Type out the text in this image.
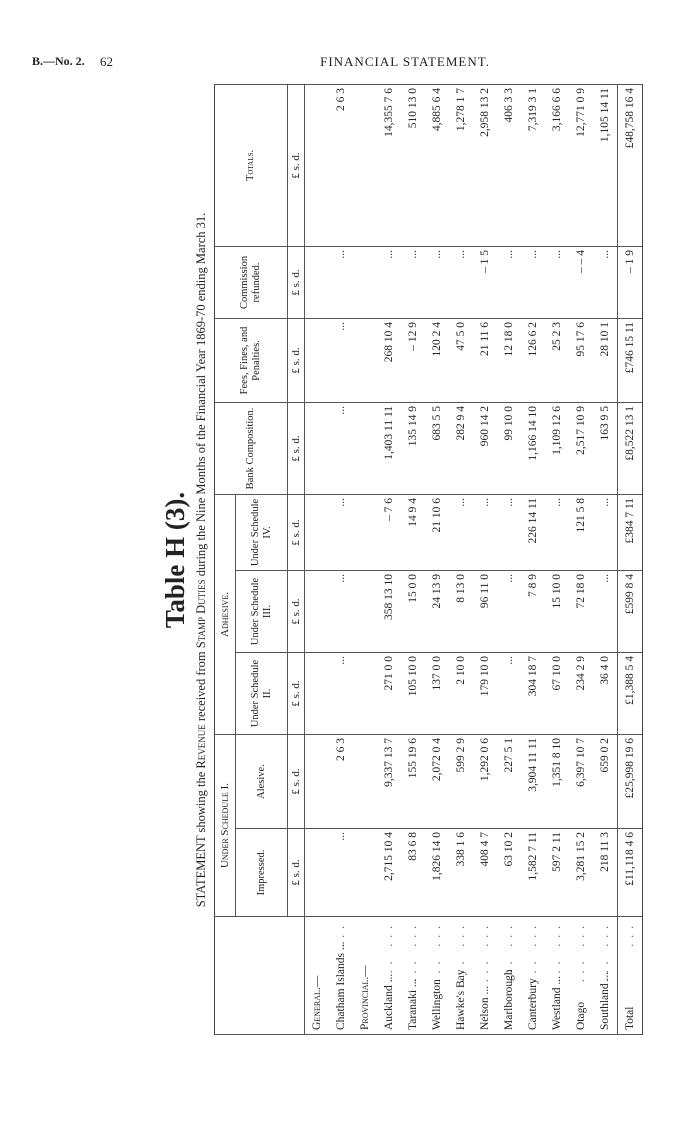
B.—No. 2. 62	FINANCIAL STATEMENT.
Table H (3).
STATEMENT showing the Revenue received from Stamp Duties during the Nine Months of the Financial Year 1869-70 ending March 31.
	Under Schedule I.		Adhesive.			Bank Composition.	Fees, Fines, and Penalties.	Commission refunded.	Totals.
	Impressed.	Alesive.	Under Schedule II.	Under Schedule III.	Under Schedule IV.				
	£ s. d.	£ s. d.	£ s. d.	£ s. d.	£ s. d.	£ s. d.	£ s. d.	£ s. d.	£ s. d.
General.—									

...
Chatham Islands ...	...	2 6 3	...	...	...	...	...	...	2 6 3
Provincial.—									

... ...
Auckland ...	2,715 10 4	9,337 13 7	271 0 0	358 13 10	– 7 6	1,403 11 11	268 10 4	...	14,355 7 6

... ...
Taranaki ...	83 6 8	155 19 6	105 10 0	15 0 0	14 9 4	135 14 9	– 12 9	...	510 13 0

... ...
Wellington	1,826 14 0	2,072 0 4	137 0 0	24 13 9	21 10 6	683 5 5	120 2 4	...	4,885 6 4

... ...
Hawke's Bay	338 1 6	599 2 9	2 10 0	8 13 0	...	282 9 4	47 5 0	...	1,278 1 7

... ...
Nelson ...	408 4 7	1,292 0 6	179 10 0	96 11 0	...	960 14 2	21 11 6	– 1 5	2,958 13 2

... ...
Marlborough	63 10 2	227 5 1	...	...	...	99 10 0	12 18 0	...	406 3 3

... ...
Canterbury	1,582 7 11	3,904 11 11	304 18 7	7 8 9	226 14 11	1,166 14 10	126 6 2	...	7,319 3 1

... ...
Westland ...	597 2 11	1,351 8 10	67 10 0	15 10 0	...	1,109 12 6	25 2 3	...	3,166 6 6

... ...
Otago	3,281 15 2	6,397 10 7	234 2 9	72 18 0	121 5 8	2,517 10 9	95 17 6	– – 4	12,771 0 9

... ...
Southland ...	218 11 3	659 0 2	36 4 0	...	...	163 9 5	28 10 1	...	1,105 14 11

...
Total	£11,118 4 6	£25,998 19 6	£1,388 5 4	£599 8 4	£384 7 11	£8,522 13 1	£746 15 11	– 1 9	£48,758 16 4
